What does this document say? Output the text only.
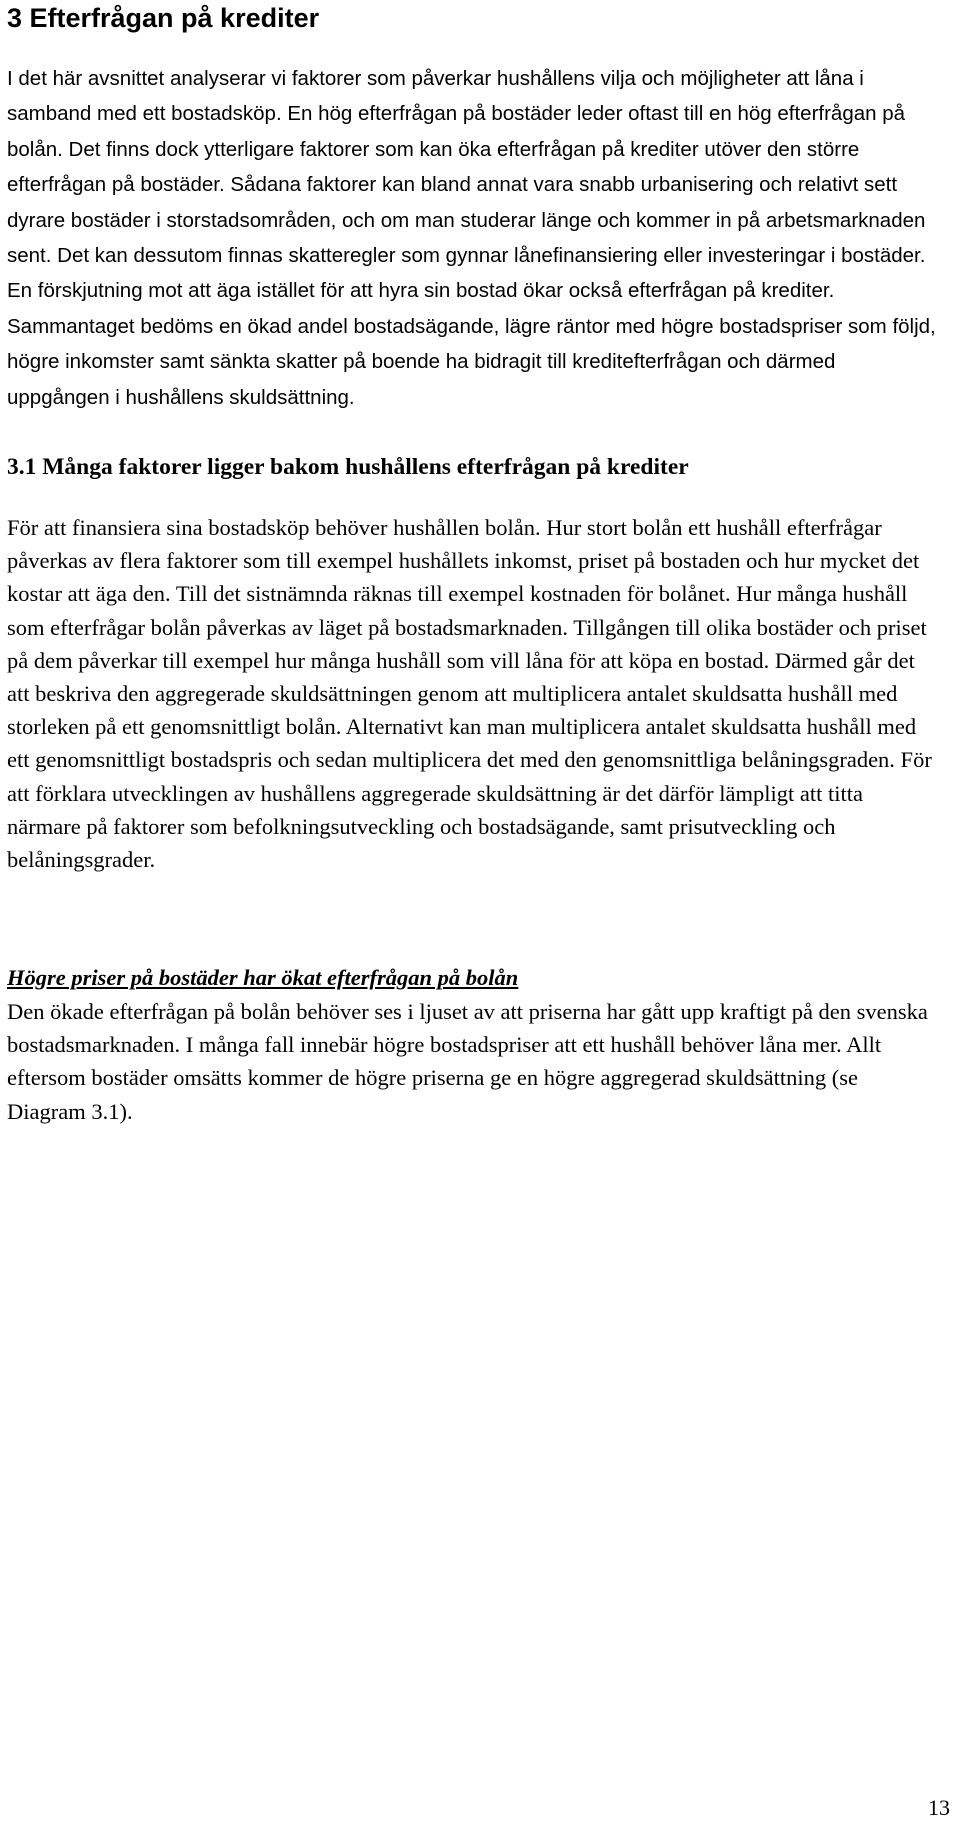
3 Efterfrågan på krediter

I det här avsnittet analyserar vi faktorer som påverkar hushållens vilja och möjligheter att låna i samband med ett bostadsköp. En hög efterfrågan på bostäder leder oftast till en hög efterfrågan på bolån. Det finns dock ytterligare faktorer som kan öka efterfrågan på krediter utöver den större efterfrågan på bostäder. Sådana faktorer kan bland annat vara snabb urbanisering och relativt sett dyrare bostäder i storstadsområden, och om man studerar länge och kommer in på arbetsmarknaden sent. Det kan dessutom finnas skatteregler som gynnar lånefinansiering eller investeringar i bostäder. En förskjutning mot att äga istället för att hyra sin bostad ökar också efterfrågan på krediter. Sammantaget bedöms en ökad andel bostadsägande, lägre räntor med högre bostadspriser som följd, högre inkomster samt sänkta skatter på boende ha bidragit till kreditefterfrågan och därmed uppgången i hushållens skuldsättning.

3.1 Många faktorer ligger bakom hushållens efterfrågan på krediter

För att finansiera sina bostadsköp behöver hushållen bolån. Hur stort bolån ett hushåll efterfrågar påverkas av flera faktorer som till exempel hushållets inkomst, priset på bostaden och hur mycket det kostar att äga den. Till det sistnämnda räknas till exempel kostnaden för bolånet. Hur många hushåll som efterfrågar bolån påverkas av läget på bostadsmarknaden. Tillgången till olika bostäder och priset på dem påverkar till exempel hur många hushåll som vill låna för att köpa en bostad. Därmed går det att beskriva den aggregerade skuldsättningen genom att multiplicera antalet skuldsatta hushåll med storleken på ett genomsnittligt bolån. Alternativt kan man multiplicera antalet skuldsatta hushåll med ett genomsnittligt bostadspris och sedan multiplicera det med den genomsnittliga belåningsgraden. För att förklara utvecklingen av hushållens aggregerade skuldsättning är det därför lämpligt att titta närmare på faktorer som befolkningsutveckling och bostadsägande, samt prisutveckling och belåningsgrader.

Högre priser på bostäder har ökat efterfrågan på bolån

Den ökade efterfrågan på bolån behöver ses i ljuset av att priserna har gått upp kraftigt på den svenska bostadsmarknaden. I många fall innebär högre bostadspriser att ett hushåll behöver låna mer. Allt eftersom bostäder omsätts kommer de högre priserna ge en högre aggregerad skuldsättning (se Diagram 3.1).

13
